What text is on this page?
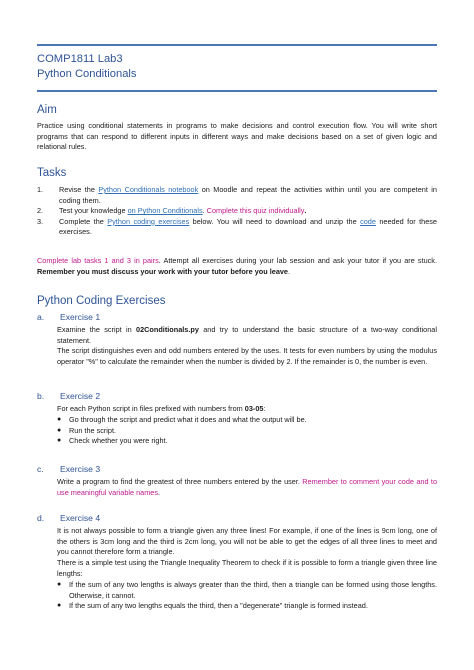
COMP1811 Lab3
Python Conditionals
Aim
Practice using conditional statements in programs to make decisions and control execution flow. You will write short programs that can respond to different inputs in different ways and make decisions based on a set of given logic and relational rules.
Tasks
1. Revise the Python Conditionals notebook on Moodle and repeat the activities within until you are competent in coding them.
2. Test your knowledge on Python Conditionals. Complete this quiz individually.
3. Complete the Python coding exercises below. You will need to download and unzip the code needed for these exercises.
Complete lab tasks 1 and 3 in pairs. Attempt all exercises during your lab session and ask your tutor if you are stuck. Remember you must discuss your work with your tutor before you leave.
Python Coding Exercises
a. Exercise 1
Examine the script in 02Conditionals.py and try to understand the basic structure of a two-way conditional statement.
The script distinguishes even and odd numbers entered by the uses. It tests for even numbers by using the modulus operator "%" to calculate the remainder when the number is divided by 2. If the remainder is 0, the number is even.
b. Exercise 2
For each Python script in files prefixed with numbers from 03-05:
● Go through the script and predict what it does and what the output will be.
● Run the script.
● Check whether you were right.
c. Exercise 3
Write a program to find the greatest of three numbers entered by the user. Remember to comment your code and to use meaningful variable names.
d. Exercise 4
It is not always possible to form a triangle given any three lines! For example, if one of the lines is 9cm long, one of the others is 3cm long and the third is 2cm long, you will not be able to get the edges of all three lines to meet and you cannot therefore form a triangle.
There is a simple test using the Triangle Inequality Theorem to check if it is possible to form a triangle given three line lengths:
● If the sum of any two lengths is always greater than the third, then a triangle can be formed using those lengths. Otherwise, it cannot.
● If the sum of any two lengths equals the third, then a "degenerate" triangle is formed instead.
